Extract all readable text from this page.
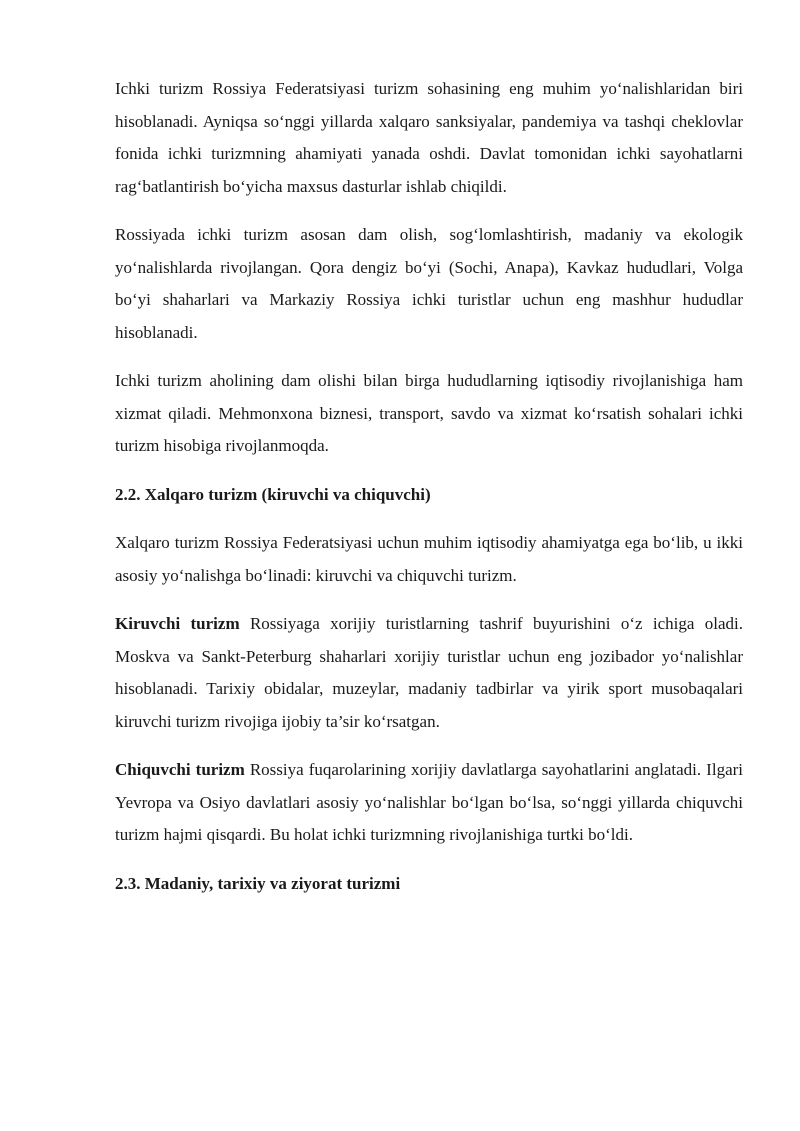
Ichki turizm Rossiya Federatsiyasi turizm sohasining eng muhim yo‘nalishlaridan biri hisoblanadi. Ayniqsa so‘nggi yillarda xalqaro sanksiyalar, pandemiya va tashqi cheklovlar fonida ichki turizmning ahamiyati yanada oshdi. Davlat tomonidan ichki sayohatlarni rag‘batlantirish bo‘yicha maxsus dasturlar ishlab chiqildi.

Rossiyada ichki turizm asosan dam olish, sog‘lomlashtirish, madaniy va ekologik yo‘nalishlarda rivojlangan. Qora dengiz bo‘yi (Sochi, Anapa), Kavkaz hududlari, Volga bo‘yi shaharlari va Markaziy Rossiya ichki turistlar uchun eng mashhur hududlar hisoblanadi.

Ichki turizm aholining dam olishi bilan birga hududlarning iqtisodiy rivojlanishiga ham xizmat qiladi. Mehmonxona biznesi, transport, savdo va xizmat ko‘rsatish sohalari ichki turizm hisobiga rivojlanmoqda.

2.2. Xalqaro turizm (kiruvchi va chiquvchi)

Xalqaro turizm Rossiya Federatsiyasi uchun muhim iqtisodiy ahamiyatga ega bo‘lib, u ikki asosiy yo‘nalishga bo‘linadi: kiruvchi va chiquvchi turizm.

Kiruvchi turizm Rossiyaga xorijiy turistlarning tashrif buyurishini o‘z ichiga oladi. Moskva va Sankt-Peterburg shaharlari xorijiy turistlar uchun eng jozibador yo‘nalishlar hisoblanadi. Tarixiy obidalar, muzeylar, madaniy tadbirlar va yirik sport musobaqalari kiruvchi turizm rivojiga ijobiy ta’sir ko‘rsatgan.

Chiquvchi turizm Rossiya fuqarolarining xorijiy davlatlarga sayohatlarini anglatadi. Ilgari Yevropa va Osiyo davlatlari asosiy yo‘nalishlar bo‘lgan bo‘lsa, so‘nggi yillarda chiquvchi turizm hajmi qisqardi. Bu holat ichki turizmning rivojlanishiga turtki bo‘ldi.

2.3. Madaniy, tarixiy va ziyorat turizmi
